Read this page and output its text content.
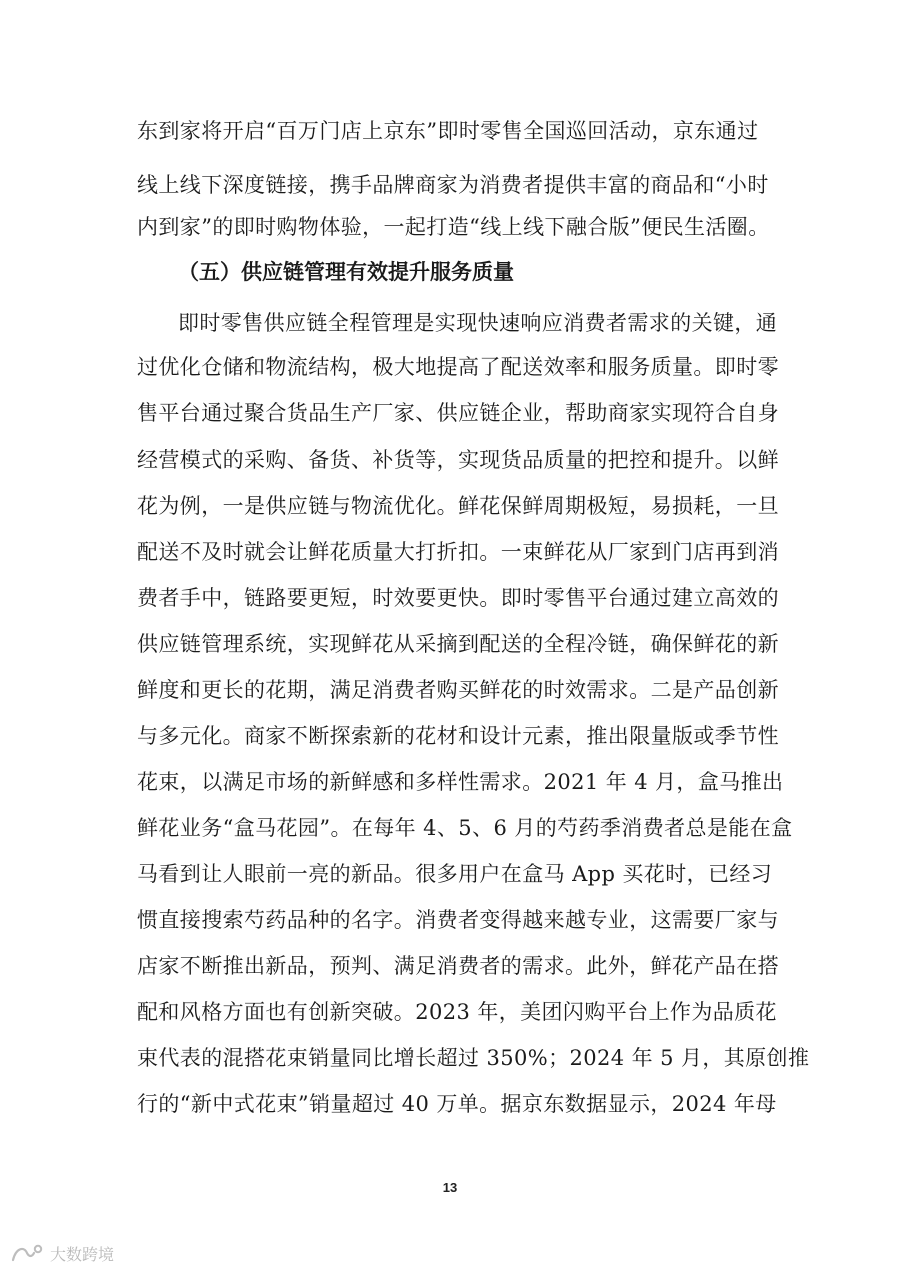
东到家将开启“百万门店上京东”即时零售全国巡回活动，京东通过
线上线下深度链接，携手品牌商家为消费者提供丰富的商品和“小时
内到家”的即时购物体验，一起打造“线上线下融合版”便民生活圈。
（五）供应链管理有效提升服务质量
即时零售供应链全程管理是实现快速响应消费者需求的关键，通
过优化仓储和物流结构，极大地提高了配送效率和服务质量。即时零
售平台通过聚合货品生产厂家、供应链企业，帮助商家实现符合自身
经营模式的采购、备货、补货等，实现货品质量的把控和提升。以鲜
花为例，一是供应链与物流优化。鲜花保鲜周期极短，易损耗，一旦
配送不及时就会让鲜花质量大打折扣。一束鲜花从厂家到门店再到消
费者手中，链路要更短，时效要更快。即时零售平台通过建立高效的
供应链管理系统，实现鲜花从采摘到配送的全程冷链，确保鲜花的新
鲜度和更长的花期，满足消费者购买鲜花的时效需求。二是产品创新
与多元化。商家不断探索新的花材和设计元素，推出限量版或季节性
花束，以满足市场的新鲜感和多样性需求。2021 年 4 月，盒马推出
鲜花业务“盒马花园”。在每年 4、5、6 月的芍药季消费者总是能在盒
马看到让人眼前一亮的新品。很多用户在盒马 App 买花时，已经习
惯直接搜索芍药品种的名字。消费者变得越来越专业，这需要厂家与
店家不断推出新品，预判、满足消费者的需求。此外，鲜花产品在搭
配和风格方面也有创新突破。2023 年，美团闪购平台上作为品质花
束代表的混搭花束销量同比增长超过 350%；2024 年 5 月，其原创推
行的“新中式花束”销量超过 40 万单。据京东数据显示，2024 年母
13
大数跨境
